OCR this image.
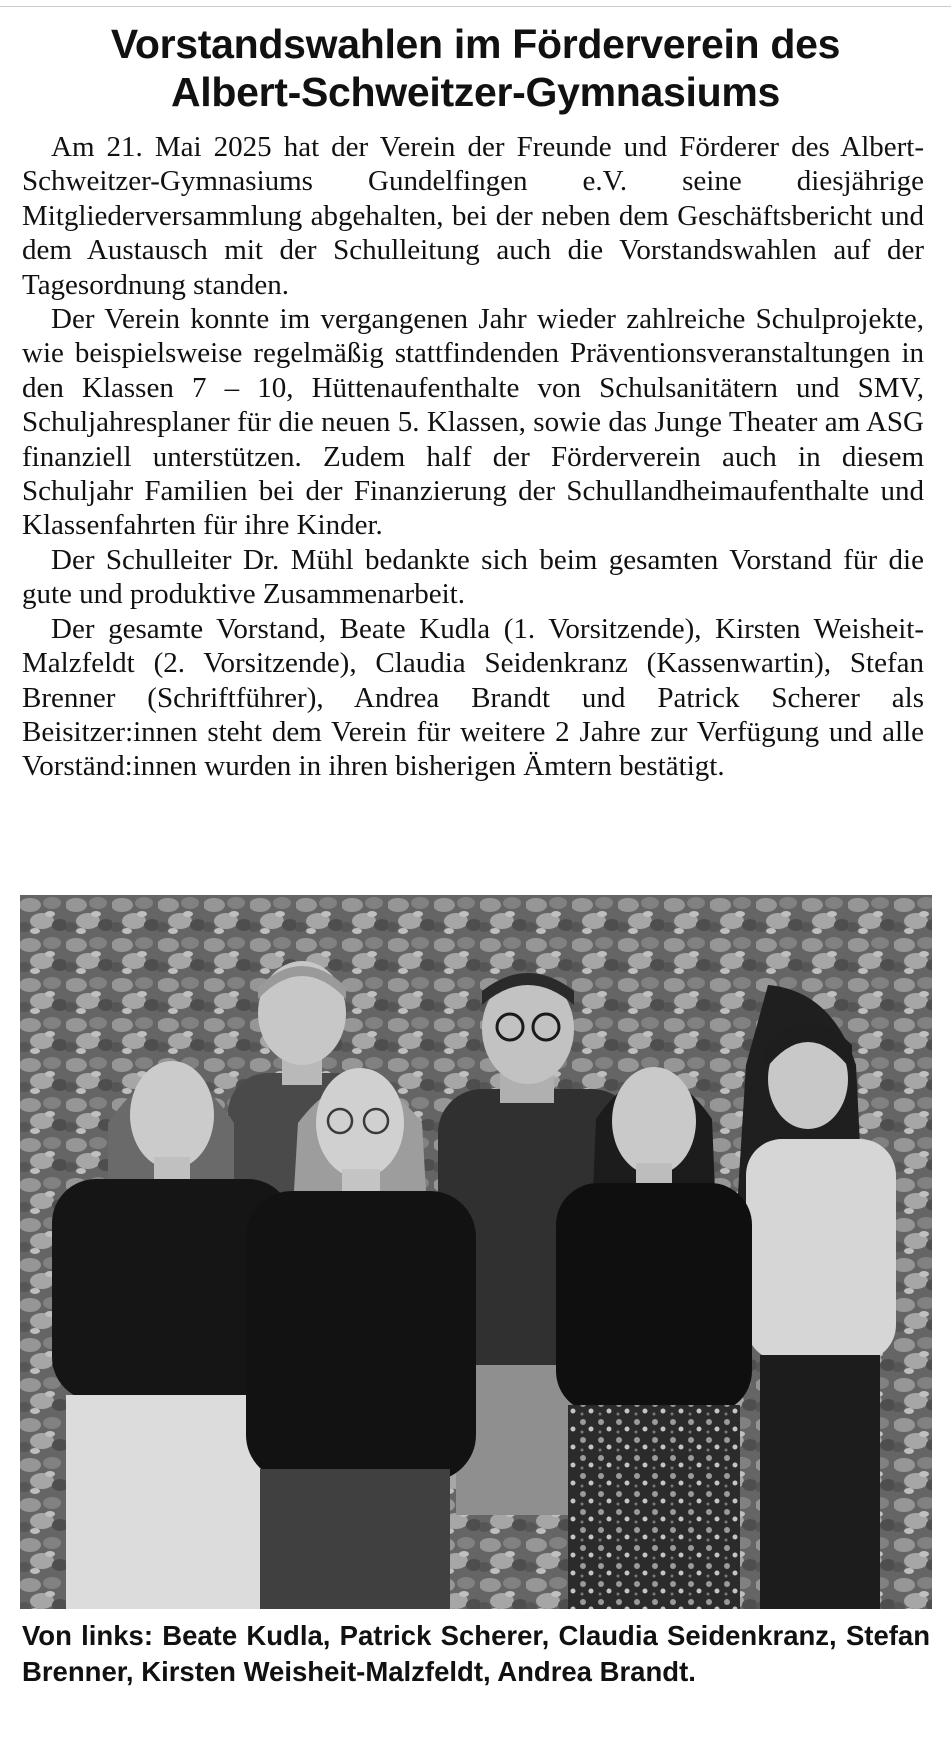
Vorstandswahlen im Förderverein des
Albert-Schweitzer-Gymnasiums

Am 21. Mai 2025 hat der Verein der Freunde und Förderer des Albert-Schweitzer-Gymnasiums Gundelfingen e.V. seine diesjährige Mitgliederversammlung abgehalten, bei der neben dem Geschäftsbericht und dem Austausch mit der Schulleitung auch die Vorstandswahlen auf der Tagesordnung standen.

Der Verein konnte im vergangenen Jahr wieder zahlreiche Schulprojekte, wie beispielsweise regelmäßig stattfindenden Präventionsveranstaltungen in den Klassen 7 – 10, Hüttenaufenthalte von Schulsanitätern und SMV, Schuljahresplaner für die neuen 5. Klassen, sowie das Junge Theater am ASG finanziell unterstützen. Zudem half der Förderverein auch in diesem Schuljahr Familien bei der Finanzierung der Schullandheimaufenthalte und Klassenfahrten für ihre Kinder.

Der Schulleiter Dr. Mühl bedankte sich beim gesamten Vorstand für die gute und produktive Zusammenarbeit.

Der gesamte Vorstand, Beate Kudla (1. Vorsitzende), Kirsten Weisheit-Malzfeldt (2. Vorsitzende), Claudia Seidenkranz (Kassenwartin), Stefan Brenner (Schriftführer), Andrea Brandt und Patrick Scherer als Beisitzer:innen steht dem Verein für weitere 2 Jahre zur Verfügung und alle Vorständ:innen wurden in ihren bisherigen Ämtern bestätigt.

Von links: Beate Kudla, Patrick Scherer, Claudia Seidenkranz, Stefan Brenner, Kirsten Weisheit-Malzfeldt, Andrea Brandt.
